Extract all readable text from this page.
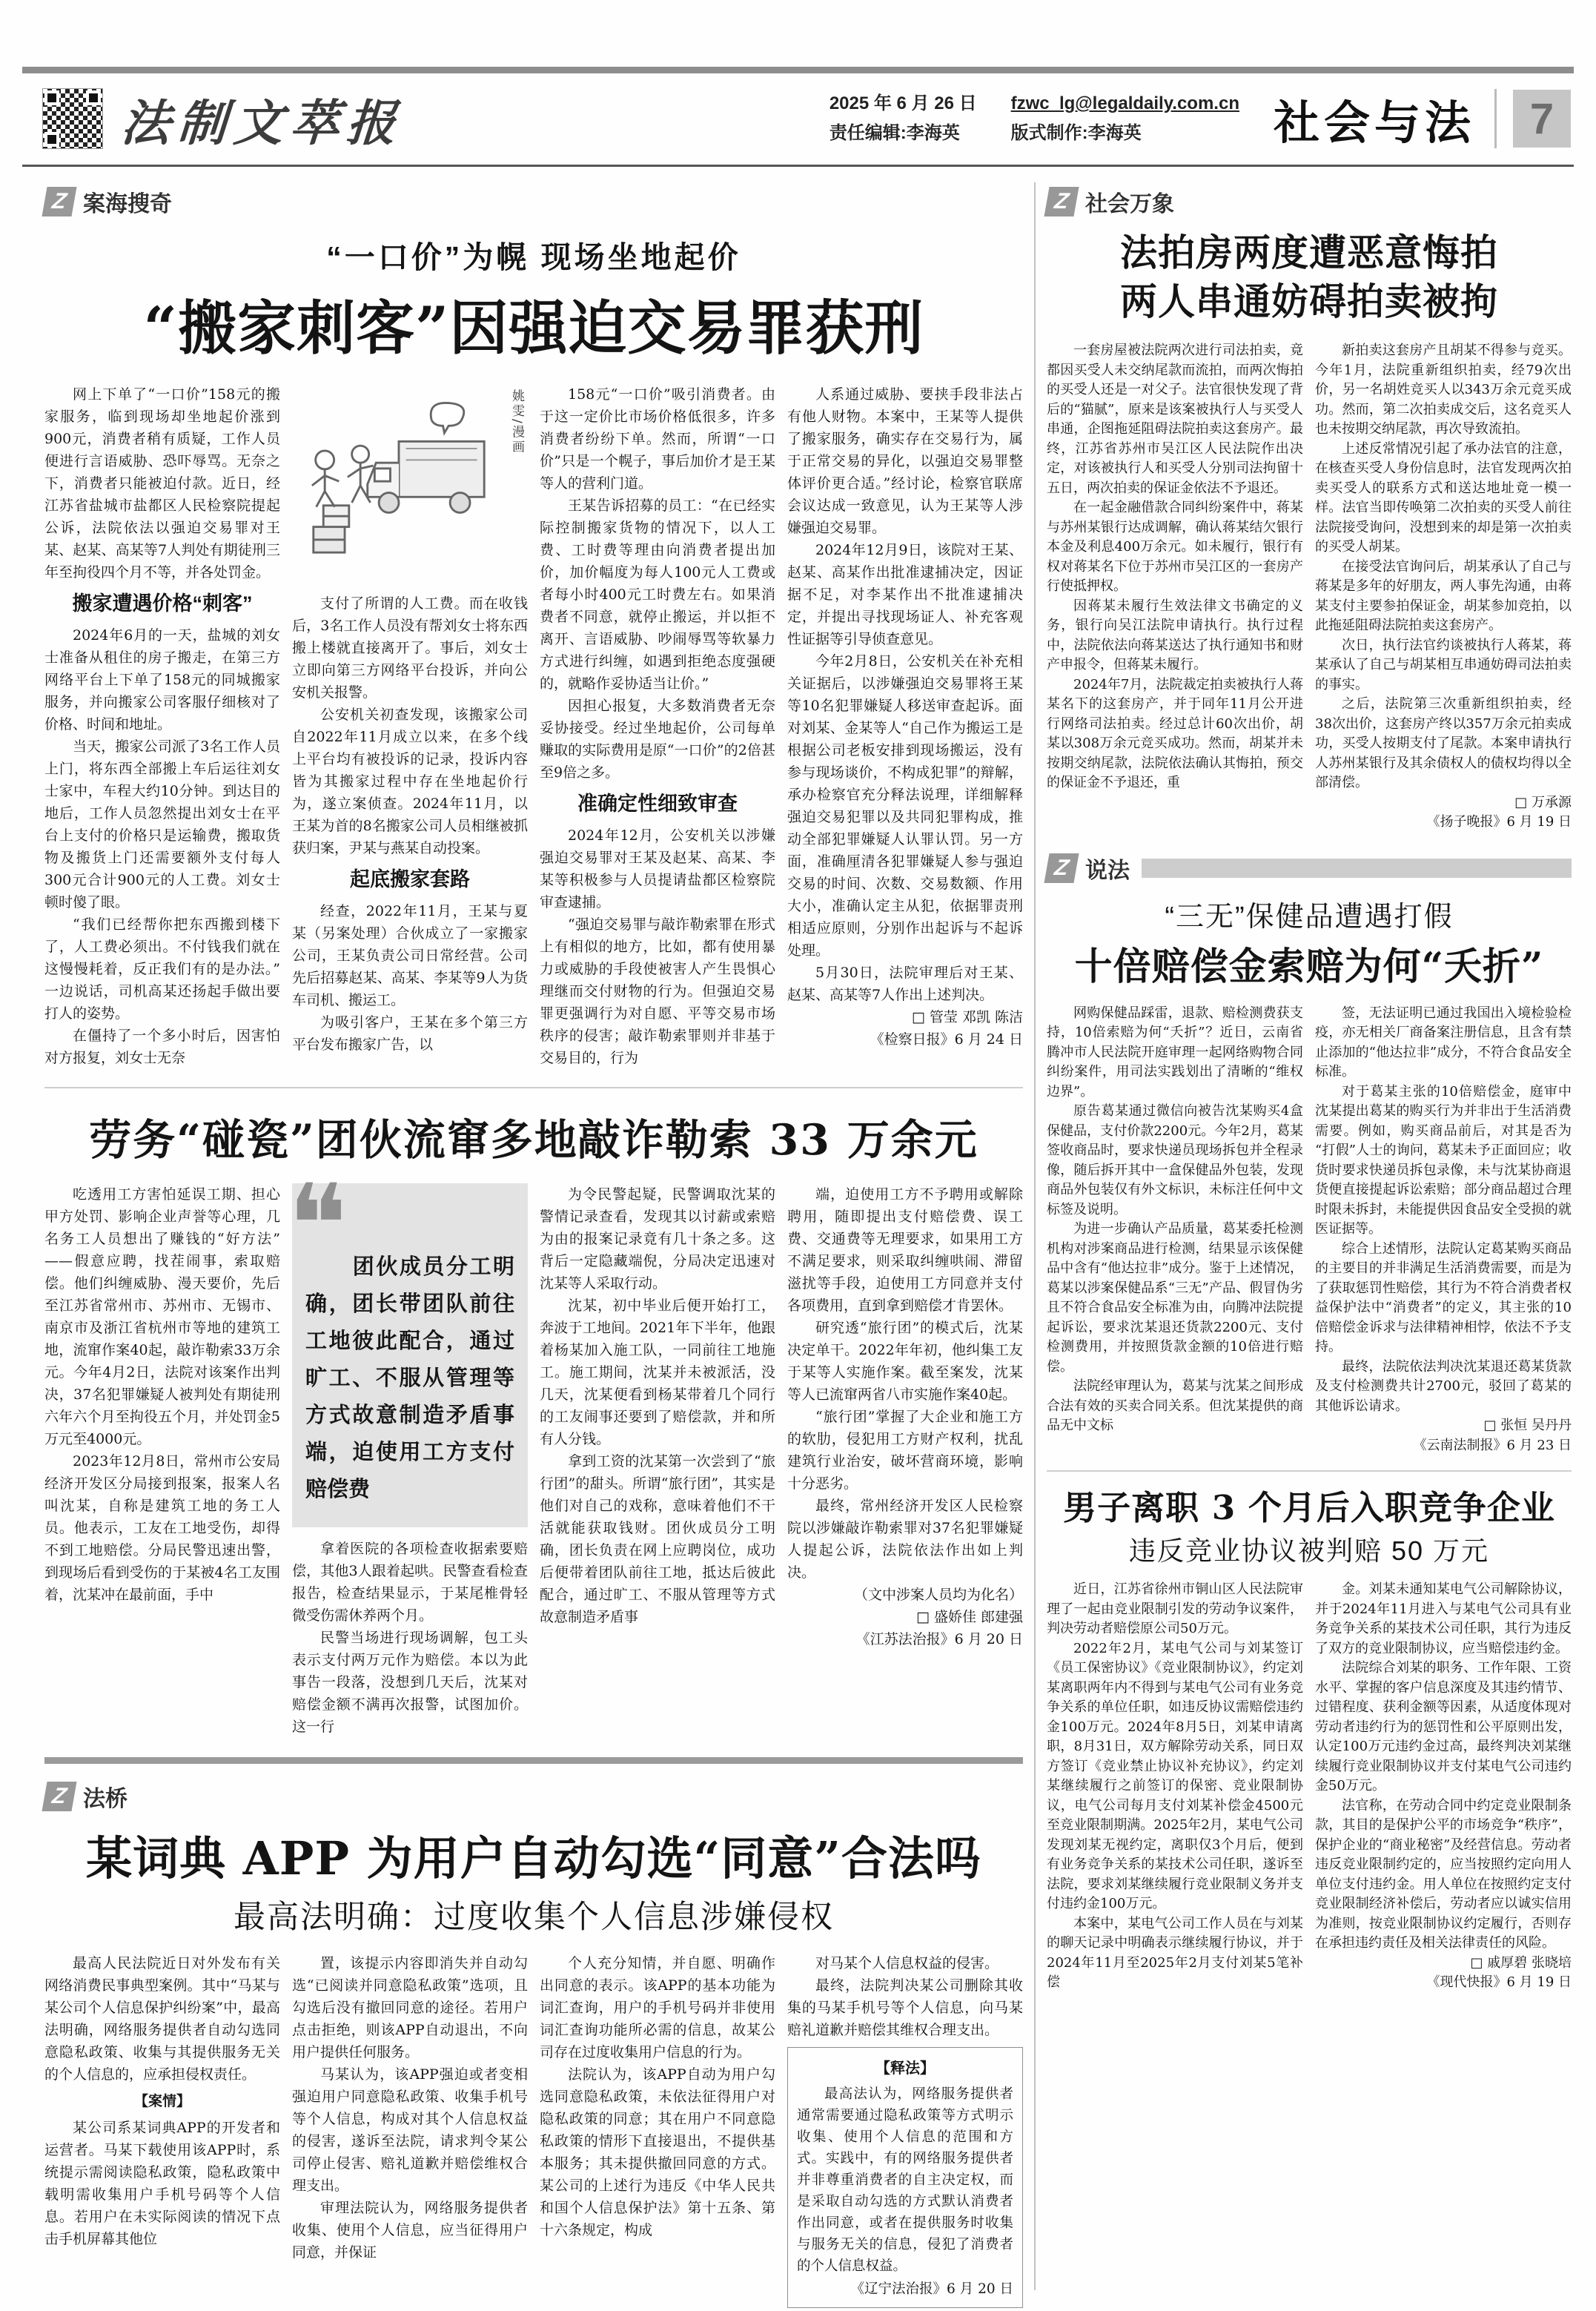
法制文萃报	2025 年 6 月 26 日
责任编辑:李海英
fzwc_lg@legaldaily.com.cn
版式制作:李海英	社会与法	7
Z 案海搜奇
“一口价”为幌 现场坐地起价
“搬家刺客”因强迫交易罪获刑

网上下单了“一口价”158元的搬家服务，临到现场却坐地起价涨到900元，消费者稍有质疑，工作人员便进行言语威胁、恐吓辱骂。无奈之下，消费者只能被迫付款。近日，经江苏省盐城市盐都区人民检察院提起公诉，法院依法以强迫交易罪对王某、赵某、高某等7人判处有期徒刑三年至拘役四个月不等，并各处罚金。

搬家遭遇价格“刺客”

2024年6月的一天，盐城的刘女士准备从租住的房子搬走，在第三方网络平台上下单了158元的同城搬家服务，并向搬家公司客服仔细核对了价格、时间和地址。

当天，搬家公司派了3名工作人员上门，将东西全部搬上车后运往刘女士家中，车程大约10分钟。到达目的地后，工作人员忽然提出刘女士在平台上支付的价格只是运输费，搬取货物及搬货上门还需要额外支付每人300元合计900元的人工费。刘女士顿时傻了眼。

“我们已经帮你把东西搬到楼下了，人工费必须出。不付钱我们就在这慢慢耗着，反正我们有的是办法。”一边说话，司机高某还扬起手做出要打人的姿势。

在僵持了一个多小时后，因害怕对方报复，刘女士无奈

姚雯/漫画

支付了所谓的人工费。而在收钱后，3名工作人员没有帮刘女士将东西搬上楼就直接离开了。事后，刘女士立即向第三方网络平台投诉，并向公安机关报警。

公安机关初查发现，该搬家公司自2022年11月成立以来，在多个线上平台均有被投诉的记录，投诉内容皆为其搬家过程中存在坐地起价行为，遂立案侦查。2024年11月，以王某为首的8名搬家公司人员相继被抓获归案，尹某与燕某自动投案。

起底搬家套路

经查，2022年11月，王某与夏某（另案处理）合伙成立了一家搬家公司，王某负责公司日常经营。公司先后招募赵某、高某、李某等9人为货车司机、搬运工。

为吸引客户，王某在多个第三方平台发布搬家广告，以

158元“一口价”吸引消费者。由于这一定价比市场价格低很多，许多消费者纷纷下单。然而，所谓“一口价”只是一个幌子，事后加价才是王某等人的营利门道。

王某告诉招募的员工：“在已经实际控制搬家货物的情况下，以人工费、工时费等理由向消费者提出加价，加价幅度为每人100元人工费或者每小时400元工时费左右。如果消费者不同意，就停止搬运，并以拒不离开、言语威胁、吵闹辱骂等软暴力方式进行纠缠，如遇到拒绝态度强硬的，就略作妥协适当让价。”

因担心报复，大多数消费者无奈妥协接受。经过坐地起价，公司每单赚取的实际费用是原“一口价”的2倍甚至9倍之多。

准确定性细致审查

2024年12月，公安机关以涉嫌强迫交易罪对王某及赵某、高某、李某等积极参与人员提请盐都区检察院审查逮捕。

“强迫交易罪与敲诈勒索罪在形式上有相似的地方，比如，都有使用暴力或威胁的手段使被害人产生畏惧心理继而交付财物的行为。但强迫交易罪更强调行为对自愿、平等交易市场秩序的侵害；敲诈勒索罪则并非基于交易目的，行为

人系通过威胁、要挟手段非法占有他人财物。本案中，王某等人提供了搬家服务，确实存在交易行为，属于正常交易的异化，以强迫交易罪整体评价更合适。”经讨论，检察官联席会议达成一致意见，认为王某等人涉嫌强迫交易罪。

2024年12月9日，该院对王某、赵某、高某作出批准逮捕决定，因证据不足，对李某作出不批准逮捕决定，并提出寻找现场证人、补充客观性证据等引导侦查意见。

今年2月8日，公安机关在补充相关证据后，以涉嫌强迫交易罪将王某等10名犯罪嫌疑人移送审查起诉。面对刘某、金某等人“自己作为搬运工是根据公司老板安排到现场搬运，没有参与现场谈价，不构成犯罪”的辩解，承办检察官充分释法说理，详细解释强迫交易犯罪以及共同犯罪构成，推动全部犯罪嫌疑人认罪认罚。另一方面，准确厘清各犯罪嫌疑人参与强迫交易的时间、次数、交易数额、作用大小，准确认定主从犯，依据罪责刑相适应原则，分别作出起诉与不起诉处理。

5月30日，法院审理后对王某、赵某、高某等7人作出上述判决。

□ 管莹 邓凯 陈洁

《检察日报》6 月 24 日

劳务“碰瓷”团伙流窜多地敲诈勒索 33 万余元

吃透用工方害怕延误工期、担心甲方处罚、影响企业声誉等心理，几名务工人员想出了赚钱的“好方法”——假意应聘，找茬闹事，索取赔偿。他们纠缠威胁、漫天要价，先后至江苏省常州市、苏州市、无锡市、南京市及浙江省杭州市等地的建筑工地，流窜作案40起，敲诈勒索33万余元。今年4月2日，法院对该案作出判决，37名犯罪嫌疑人被判处有期徒刑六年六个月至拘役五个月，并处罚金5万元至4000元。

2023年12月8日，常州市公安局经济开发区分局接到报案，报案人名叫沈某，自称是建筑工地的务工人员。他表示，工友在工地受伤，却得不到工地赔偿。分局民警迅速出警，到现场后看到受伤的于某被4名工友围着，沈某冲在最前面，手中

❝ 团伙成员分工明确，团长带团队前往工地彼此配合，通过旷工、不服从管理等方式故意制造矛盾事端，迫使用工方支付赔偿费

拿着医院的各项检查收据索要赔偿，其他3人跟着起哄。民警查看检查报告，检查结果显示，于某尾椎骨轻微受伤需休养两个月。

民警当场进行现场调解，包工头表示支付两万元作为赔偿。本以为此事告一段落，没想到几天后，沈某对赔偿金额不满再次报警，试图加价。这一行

为令民警起疑，民警调取沈某的警情记录查看，发现其以讨薪或索赔为由的报案记录竟有几十条之多。这背后一定隐藏端倪，分局决定迅速对沈某等人采取行动。

沈某，初中毕业后便开始打工，奔波于工地间。2021年下半年，他跟着杨某加入施工队，一同前往工地施工。施工期间，沈某并未被派活，没几天，沈某便看到杨某带着几个同行的工友闹事还要到了赔偿款，并和所有人分钱。

拿到工资的沈某第一次尝到了“旅行团”的甜头。所谓“旅行团”，其实是他们对自己的戏称，意味着他们不干活就能获取钱财。团伙成员分工明确，团长负责在网上应聘岗位，成功后便带着团队前往工地，抵达后彼此配合，通过旷工、不服从管理等方式故意制造矛盾事

端，迫使用工方不予聘用或解除聘用，随即提出支付赔偿费、误工费、交通费等无理要求，如果用工方不满足要求，则采取纠缠哄闹、滞留滋扰等手段，迫使用工方同意并支付各项费用，直到拿到赔偿才肯罢休。

研究透“旅行团”的模式后，沈某决定单干。2022年年初，他纠集工友于某等人实施作案。截至案发，沈某等人已流窜两省八市实施作案40起。

“旅行团”掌握了大企业和施工方的软肋，侵犯用工方财产权利，扰乱建筑行业治安，破坏营商环境，影响十分恶劣。

最终，常州经济开发区人民检察院以涉嫌敲诈勒索罪对37名犯罪嫌疑人提起公诉，法院依法作出如上判决。

（文中涉案人员均为化名）

□ 盛娇佳 郎建强

《江苏法治报》6 月 20 日

Z 法桥
某词典 APP 为用户自动勾选“同意”合法吗
最高法明确：过度收集个人信息涉嫌侵权

最高人民法院近日对外发布有关网络消费民事典型案例。其中“马某与某公司个人信息保护纠纷案”中，最高法明确，网络服务提供者自动勾选同意隐私政策、收集与其提供服务无关的个人信息的，应承担侵权责任。

【案情】

某公司系某词典APP的开发者和运营者。马某下载使用该APP时，系统提示需阅读隐私政策，隐私政策中载明需收集用户手机号码等个人信息。若用户在未实际阅读的情况下点击手机屏幕其他位

置，该提示内容即消失并自动勾选“已阅读并同意隐私政策”选项，且勾选后没有撤回同意的途径。若用户点击拒绝，则该APP自动退出，不向用户提供任何服务。

马某认为，该APP强迫或者变相强迫用户同意隐私政策、收集手机号等个人信息，构成对其个人信息权益的侵害，遂诉至法院，请求判令某公司停止侵害、赔礼道歉并赔偿维权合理支出。

审理法院认为，网络服务提供者收集、使用个人信息，应当征得用户同意，并保证

个人充分知情，并自愿、明确作出同意的表示。该APP的基本功能为词汇查询，用户的手机号码并非使用词汇查询功能所必需的信息，故某公司存在过度收集用户信息的行为。

法院认为，该APP自动为用户勾选同意隐私政策，未依法征得用户对隐私政策的同意；其在用户不同意隐私政策的情形下直接退出，不提供基本服务；其未提供撤回同意的方式。某公司的上述行为违反《中华人民共和国个人信息保护法》第十五条、第十六条规定，构成

对马某个人信息权益的侵害。

最终，法院判决某公司删除其收集的马某手机号等个人信息，向马某赔礼道歉并赔偿其维权合理支出。

【释法】

最高法认为，网络服务提供者通常需要通过隐私政策等方式明示收集、使用个人信息的范围和方式。实践中，有的网络服务提供者并非尊重消费者的自主决定权，而是采取自动勾选的方式默认消费者作出同意，或者在提供服务时收集与服务无关的信息，侵犯了消费者的个人信息权益。

《辽宁法治报》6 月 20 日

Z 社会万象
法拍房两度遭恶意悔拍
两人串通妨碍拍卖被拘

一套房屋被法院两次进行司法拍卖，竟都因买受人未交纳尾款而流拍，而两次悔拍的买受人还是一对父子。法官很快发现了背后的“猫腻”，原来是该案被执行人与买受人串通，企图拖延阻碍法院拍卖这套房产。最终，江苏省苏州市吴江区人民法院作出决定，对该被执行人和买受人分别司法拘留十五日，两次拍卖的保证金依法不予退还。

在一起金融借款合同纠纷案件中，蒋某与苏州某银行达成调解，确认蒋某结欠银行本金及利息400万余元。如未履行，银行有权对蒋某名下位于苏州市吴江区的一套房产行使抵押权。

因蒋某未履行生效法律文书确定的义务，银行向吴江法院申请执行。执行过程中，法院依法向蒋某送达了执行通知书和财产申报令，但蒋某未履行。

2024年7月，法院裁定拍卖被执行人蒋某名下的这套房产，并于同年11月公开进行网络司法拍卖。经过总计60次出价，胡某以308万余元竞买成功。然而，胡某并未按期交纳尾款，法院依法确认其悔拍，预交的保证金不予退还，重

新拍卖这套房产且胡某不得参与竞买。今年1月，法院重新组织拍卖，经79次出价，另一名胡姓竞买人以343万余元竞买成功。然而，第二次拍卖成交后，这名竞买人也未按期交纳尾款，再次导致流拍。

上述反常情况引起了承办法官的注意，在核查买受人身份信息时，法官发现两次拍卖买受人的联系方式和送达地址竟一模一样。法官当即传唤第二次拍卖的买受人前往法院接受询问，没想到来的却是第一次拍卖的买受人胡某。

在接受法官询问后，胡某承认了自己与蒋某是多年的好朋友，两人事先沟通，由蒋某支付主要参拍保证金，胡某参加竞拍，以此拖延阻碍法院拍卖这套房产。

次日，执行法官约谈被执行人蒋某，蒋某承认了自己与胡某相互串通妨碍司法拍卖的事实。

之后，法院第三次重新组织拍卖，经38次出价，这套房产终以357万余元拍卖成功，买受人按期支付了尾款。本案申请执行人苏州某银行及其余债权人的债权均得以全部清偿。

□ 万承源

《扬子晚报》6 月 19 日

Z 说法
“三无”保健品遭遇打假
十倍赔偿金索赔为何“夭折”

网购保健品踩雷，退款、赔检测费获支持，10倍索赔为何“夭折”？近日，云南省腾冲市人民法院开庭审理一起网络购物合同纠纷案件，用司法实践划出了清晰的“维权边界”。

原告葛某通过微信向被告沈某购买4盒保健品，支付价款2200元。今年2月，葛某签收商品时，要求快递员现场拆包并全程录像，随后拆开其中一盒保健品外包装，发现商品外包装仅有外文标识，未标注任何中文标签及说明。

为进一步确认产品质量，葛某委托检测机构对涉案商品进行检测，结果显示该保健品中含有“他达拉非”成分。鉴于上述情况，葛某以涉案保健品系“三无”产品、假冒伪劣且不符合食品安全标准为由，向腾冲法院提起诉讼，要求沈某退还货款2200元、支付检测费用，并按照货款金额的10倍进行赔偿。

法院经审理认为，葛某与沈某之间形成合法有效的买卖合同关系。但沈某提供的商品无中文标

签，无法证明已通过我国出入境检验检疫，亦无相关厂商备案注册信息，且含有禁止添加的“他达拉非”成分，不符合食品安全标准。

对于葛某主张的10倍赔偿金，庭审中沈某提出葛某的购买行为并非出于生活消费需要。例如，购买商品前后，对其是否为“打假”人士的询问，葛某未予正面回应；收货时要求快递员拆包录像，未与沈某协商退货便直接提起诉讼索赔；部分商品超过合理时限未拆封，未能提供因食品安全受损的就医证据等。

综合上述情形，法院认定葛某购买商品的主要目的并非满足生活消费需要，而是为了获取惩罚性赔偿，其行为不符合消费者权益保护法中“消费者”的定义，其主张的10倍赔偿金诉求与法律精神相悖，依法不予支持。

最终，法院依法判决沈某退还葛某货款及支付检测费共计2700元，驳回了葛某的其他诉讼请求。

□ 张恒 吴丹丹

《云南法制报》6 月 23 日

男子离职 3 个月后入职竞争企业
违反竞业协议被判赔 50 万元

近日，江苏省徐州市铜山区人民法院审理了一起由竞业限制引发的劳动争议案件，判决劳动者赔偿原公司50万元。

2022年2月，某电气公司与刘某签订《员工保密协议》《竞业限制协议》，约定刘某离职两年内不得到与某电气公司有业务竞争关系的单位任职，如违反协议需赔偿违约金100万元。2024年8月5日，刘某申请离职，8月31日，双方解除劳动关系，同日双方签订《竞业禁止协议补充协议》，约定刘某继续履行之前签订的保密、竞业限制协议，电气公司每月支付刘某补偿金4500元至竞业限制期满。2025年2月，某电气公司发现刘某无视约定，离职仅3个月后，便到有业务竞争关系的某技术公司任职，遂诉至法院，要求刘某继续履行竞业限制义务并支付违约金100万元。

本案中，某电气公司工作人员在与刘某的聊天记录中明确表示继续履行协议，并于2024年11月至2025年2月支付刘某5笔补偿

金。刘某未通知某电气公司解除协议，并于2024年11月进入与某电气公司具有业务竞争关系的某技术公司任职，其行为违反了双方的竞业限制协议，应当赔偿违约金。

法院综合刘某的职务、工作年限、工资水平、掌握的客户信息深度及其违约情节、过错程度、获利金额等因素，从适度体现对劳动者违约行为的惩罚性和公平原则出发，认定100万元违约金过高，最终判决刘某继续履行竞业限制协议并支付某电气公司违约金50万元。

法官称，在劳动合同中约定竞业限制条款，其目的是保护公平的市场竞争“秩序”，保护企业的“商业秘密”及经营信息。劳动者违反竞业限制约定的，应当按照约定向用人单位支付违约金。用人单位在按照约定支付竞业限制经济补偿后，劳动者应以诚实信用为准则，按竞业限制协议约定履行，否则存在承担违约责任及相关法律责任的风险。

□ 戚厚碧 张晓培

《现代快报》6 月 19 日
